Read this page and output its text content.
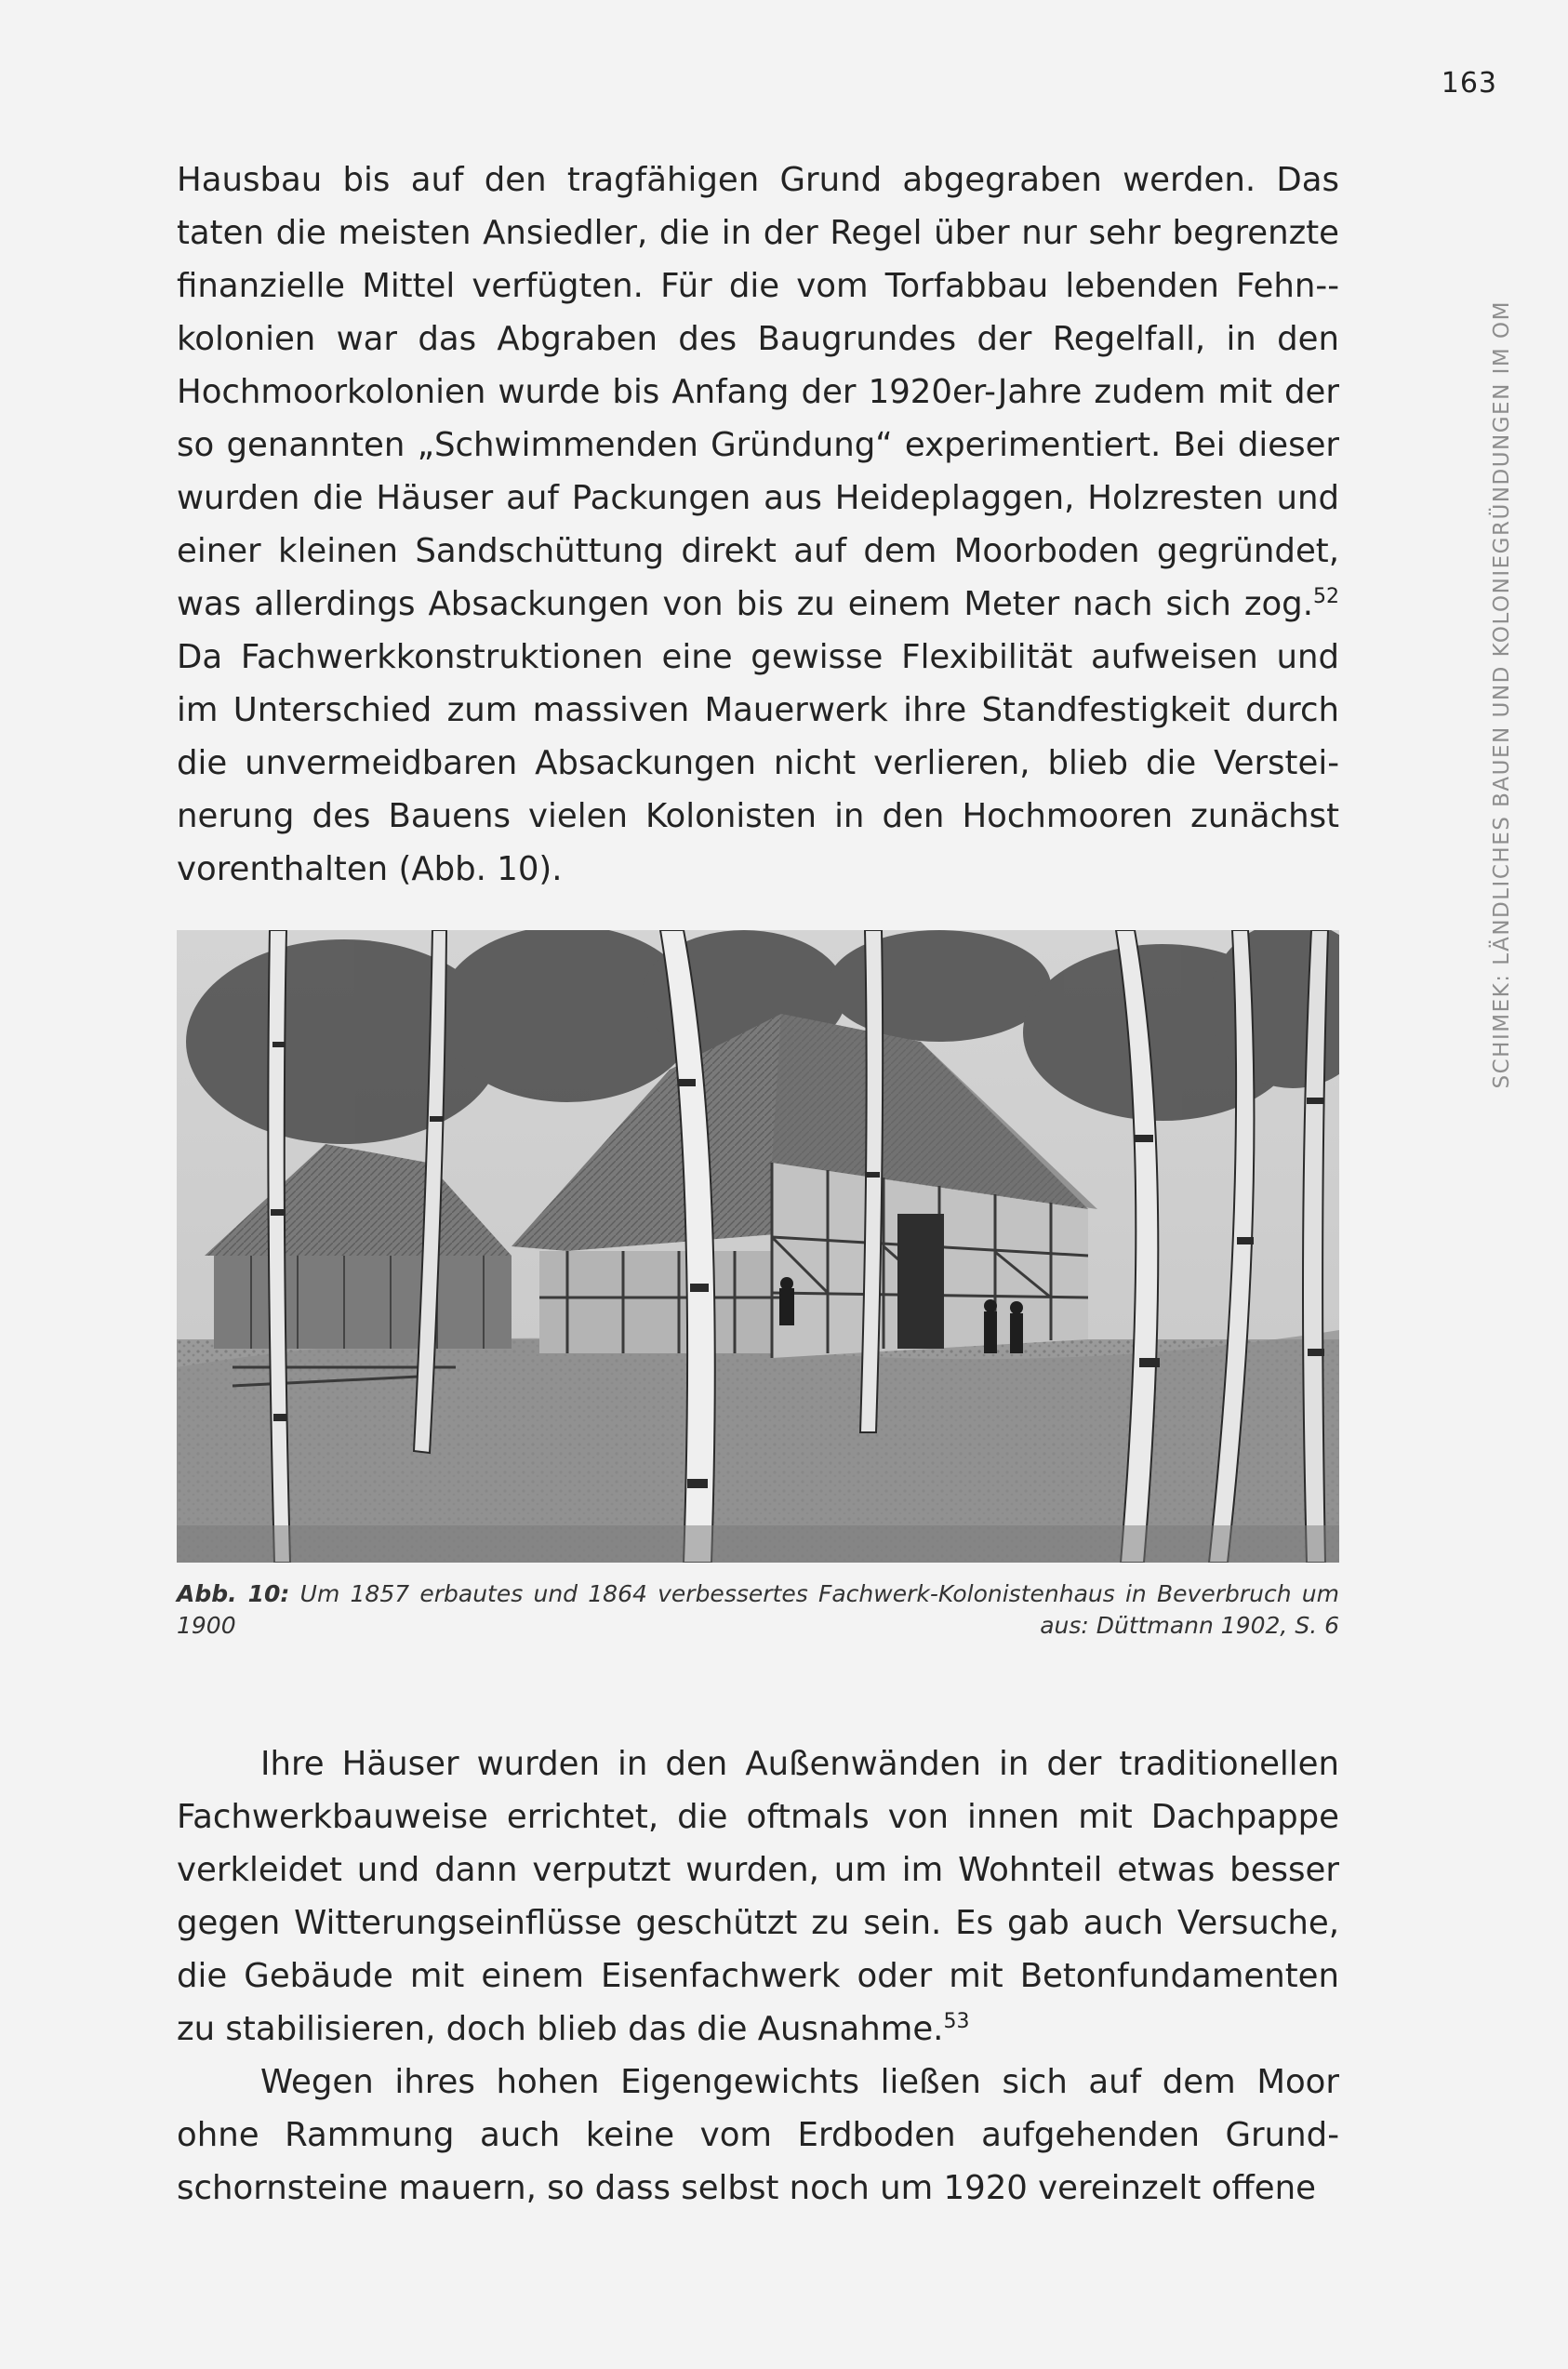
163
SCHIMEK: LÄNDLICHES BAUEN UND KOLONIEGRÜNDUNGEN IM OM

Hausbau bis auf den tragfähigen Grund abgegraben werden. Das taten die meisten Ansiedler, die in der Regel über nur sehr begrenzte finanzielle Mittel verfügten. Für die vom Torfabbau lebenden Fehn-kolonien war das Abgraben des Baugrundes der Regelfall, in den Hochmoorkolonien wurde bis Anfang der 1920er-Jahre zudem mit der so genannten „Schwimmenden Gründung“ experimentiert. Bei dieser wurden die Häuser auf Packungen aus Heideplaggen, Holzresten und einer kleinen Sandschüttung direkt auf dem Moorboden gegründet, was allerdings Absackungen von bis zu einem Meter nach sich zog.$^{52}$ Da Fachwerkkonstruktionen eine gewisse Flexibilität aufweisen und im Unterschied zum massiven Mauerwerk ihre Standfestigkeit durch die unvermeidbaren Absackungen nicht verlieren, blieb die Versteinerung des Bauens vielen Kolonisten in den Hochmooren zunächst vorenthalten (Abb. 10).

Abb. 10: Um 1857 erbautes und 1864 verbessertes Fachwerk-Kolonistenhaus in Beverbruch um
1900	aus: Düttmann 1902, S. 6

Ihre Häuser wurden in den Außenwänden in der traditionellen Fachwerkbauweise errichtet, die oftmals von innen mit Dachpappe verkleidet und dann verputzt wurden, um im Wohnteil etwas besser gegen Witterungseinflüsse geschützt zu sein. Es gab auch Versuche, die Gebäude mit einem Eisenfachwerk oder mit Betonfundamenten zu stabilisieren, doch blieb das die Ausnahme.$^{53}$

Wegen ihres hohen Eigengewichts ließen sich auf dem Moor ohne Rammung auch keine vom Erdboden aufgehenden Grundschornsteine mauern, so dass selbst noch um 1920 vereinzelt offene
